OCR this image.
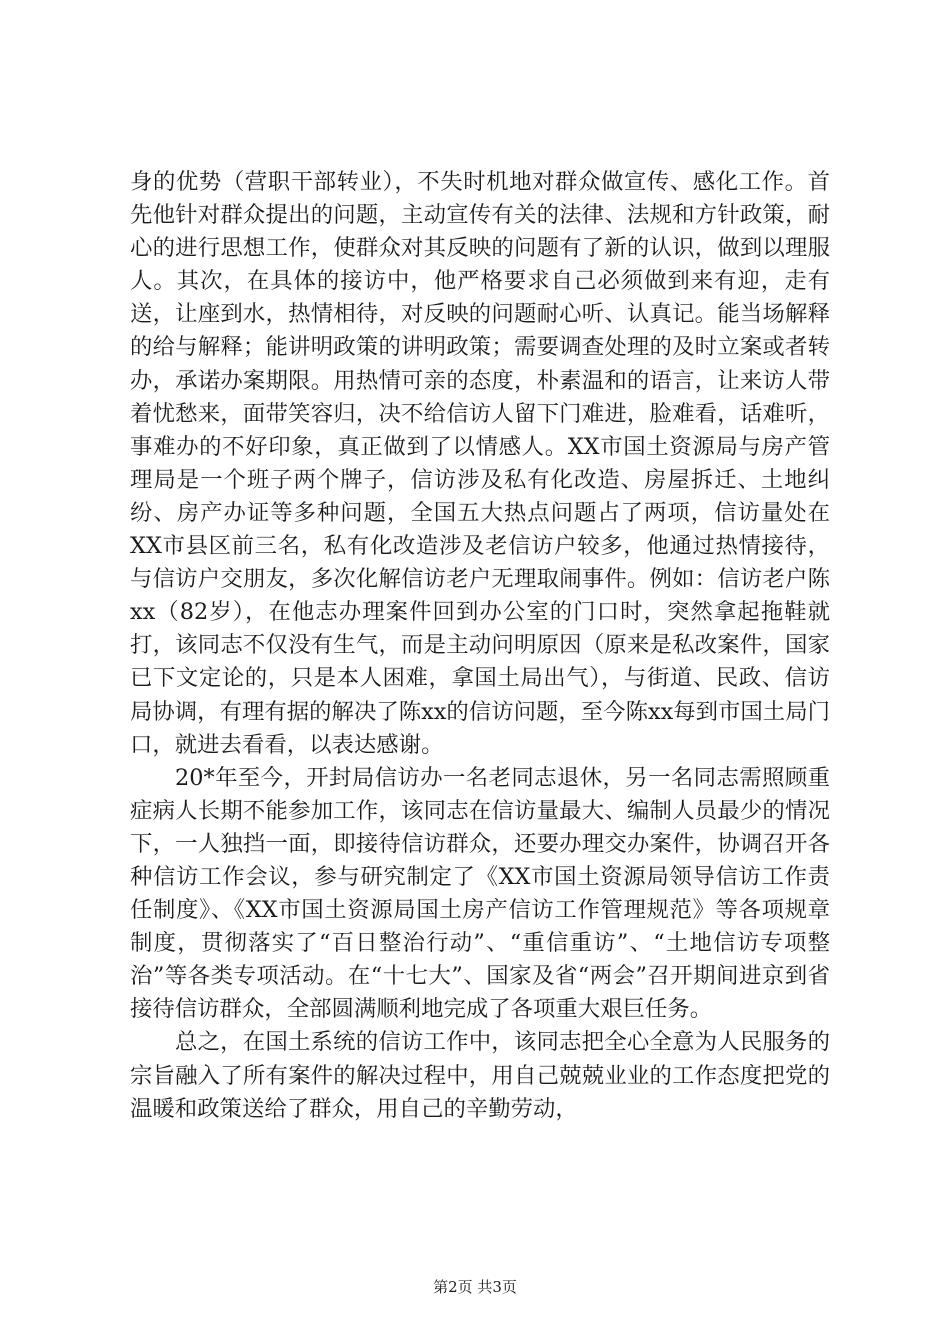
身的优势（营职干部转业），不失时机地对群众做宣传、感化工作。首先他针对群众提出的问题，主动宣传有关的法律、法规和方针政策，耐心的进行思想工作，使群众对其反映的问题有了新的认识，做到以理服人。其次，在具体的接访中，他严格要求自己必须做到来有迎，走有送，让座到水，热情相待，对反映的问题耐心听、认真记。能当场解释的给与解释；能讲明政策的讲明政策；需要调查处理的及时立案或者转办，承诺办案期限。用热情可亲的态度，朴素温和的语言，让来访人带着忧愁来，面带笑容归，决不给信访人留下门难进，脸难看，话难听，事难办的不好印象，真正做到了以情感人。XX市国土资源局与房产管理局是一个班子两个牌子，信访涉及私有化改造、房屋拆迁、土地纠纷、房产办证等多种问题，全国五大热点问题占了两项，信访量处在XX市县区前三名，私有化改造涉及老信访户较多，他通过热情接待，与信访户交朋友，多次化解信访老户无理取闹事件。例如：信访老户陈xx（82岁），在他志办理案件回到办公室的门口时，突然拿起拖鞋就打，该同志不仅没有生气，而是主动问明原因（原来是私改案件，国家已下文定论的，只是本人困难，拿国土局出气），与街道、民政、信访局协调，有理有据的解决了陈xx的信访问题，至今陈xx每到市国土局门口，就进去看看，以表达感谢。

20*年至今，开封局信访办一名老同志退休，另一名同志需照顾重症病人长期不能参加工作，该同志在信访量最大、编制人员最少的情况下，一人独挡一面，即接待信访群众，还要办理交办案件，协调召开各种信访工作会议，参与研究制定了《XX市国土资源局领导信访工作责任制度》、《XX市国土资源局国土房产信访工作管理规范》等各项规章制度，贯彻落实了“百日整治行动”、“重信重访”、“土地信访专项整治”等各类专项活动。在“十七大”、国家及省“两会”召开期间进京到省接待信访群众，全部圆满顺利地完成了各项重大艰巨任务。

总之，在国土系统的信访工作中，该同志把全心全意为人民服务的宗旨融入了所有案件的解决过程中，用自己兢兢业业的工作态度把党的温暖和政策送给了群众，用自己的辛勤劳动，

第2页 共3页
